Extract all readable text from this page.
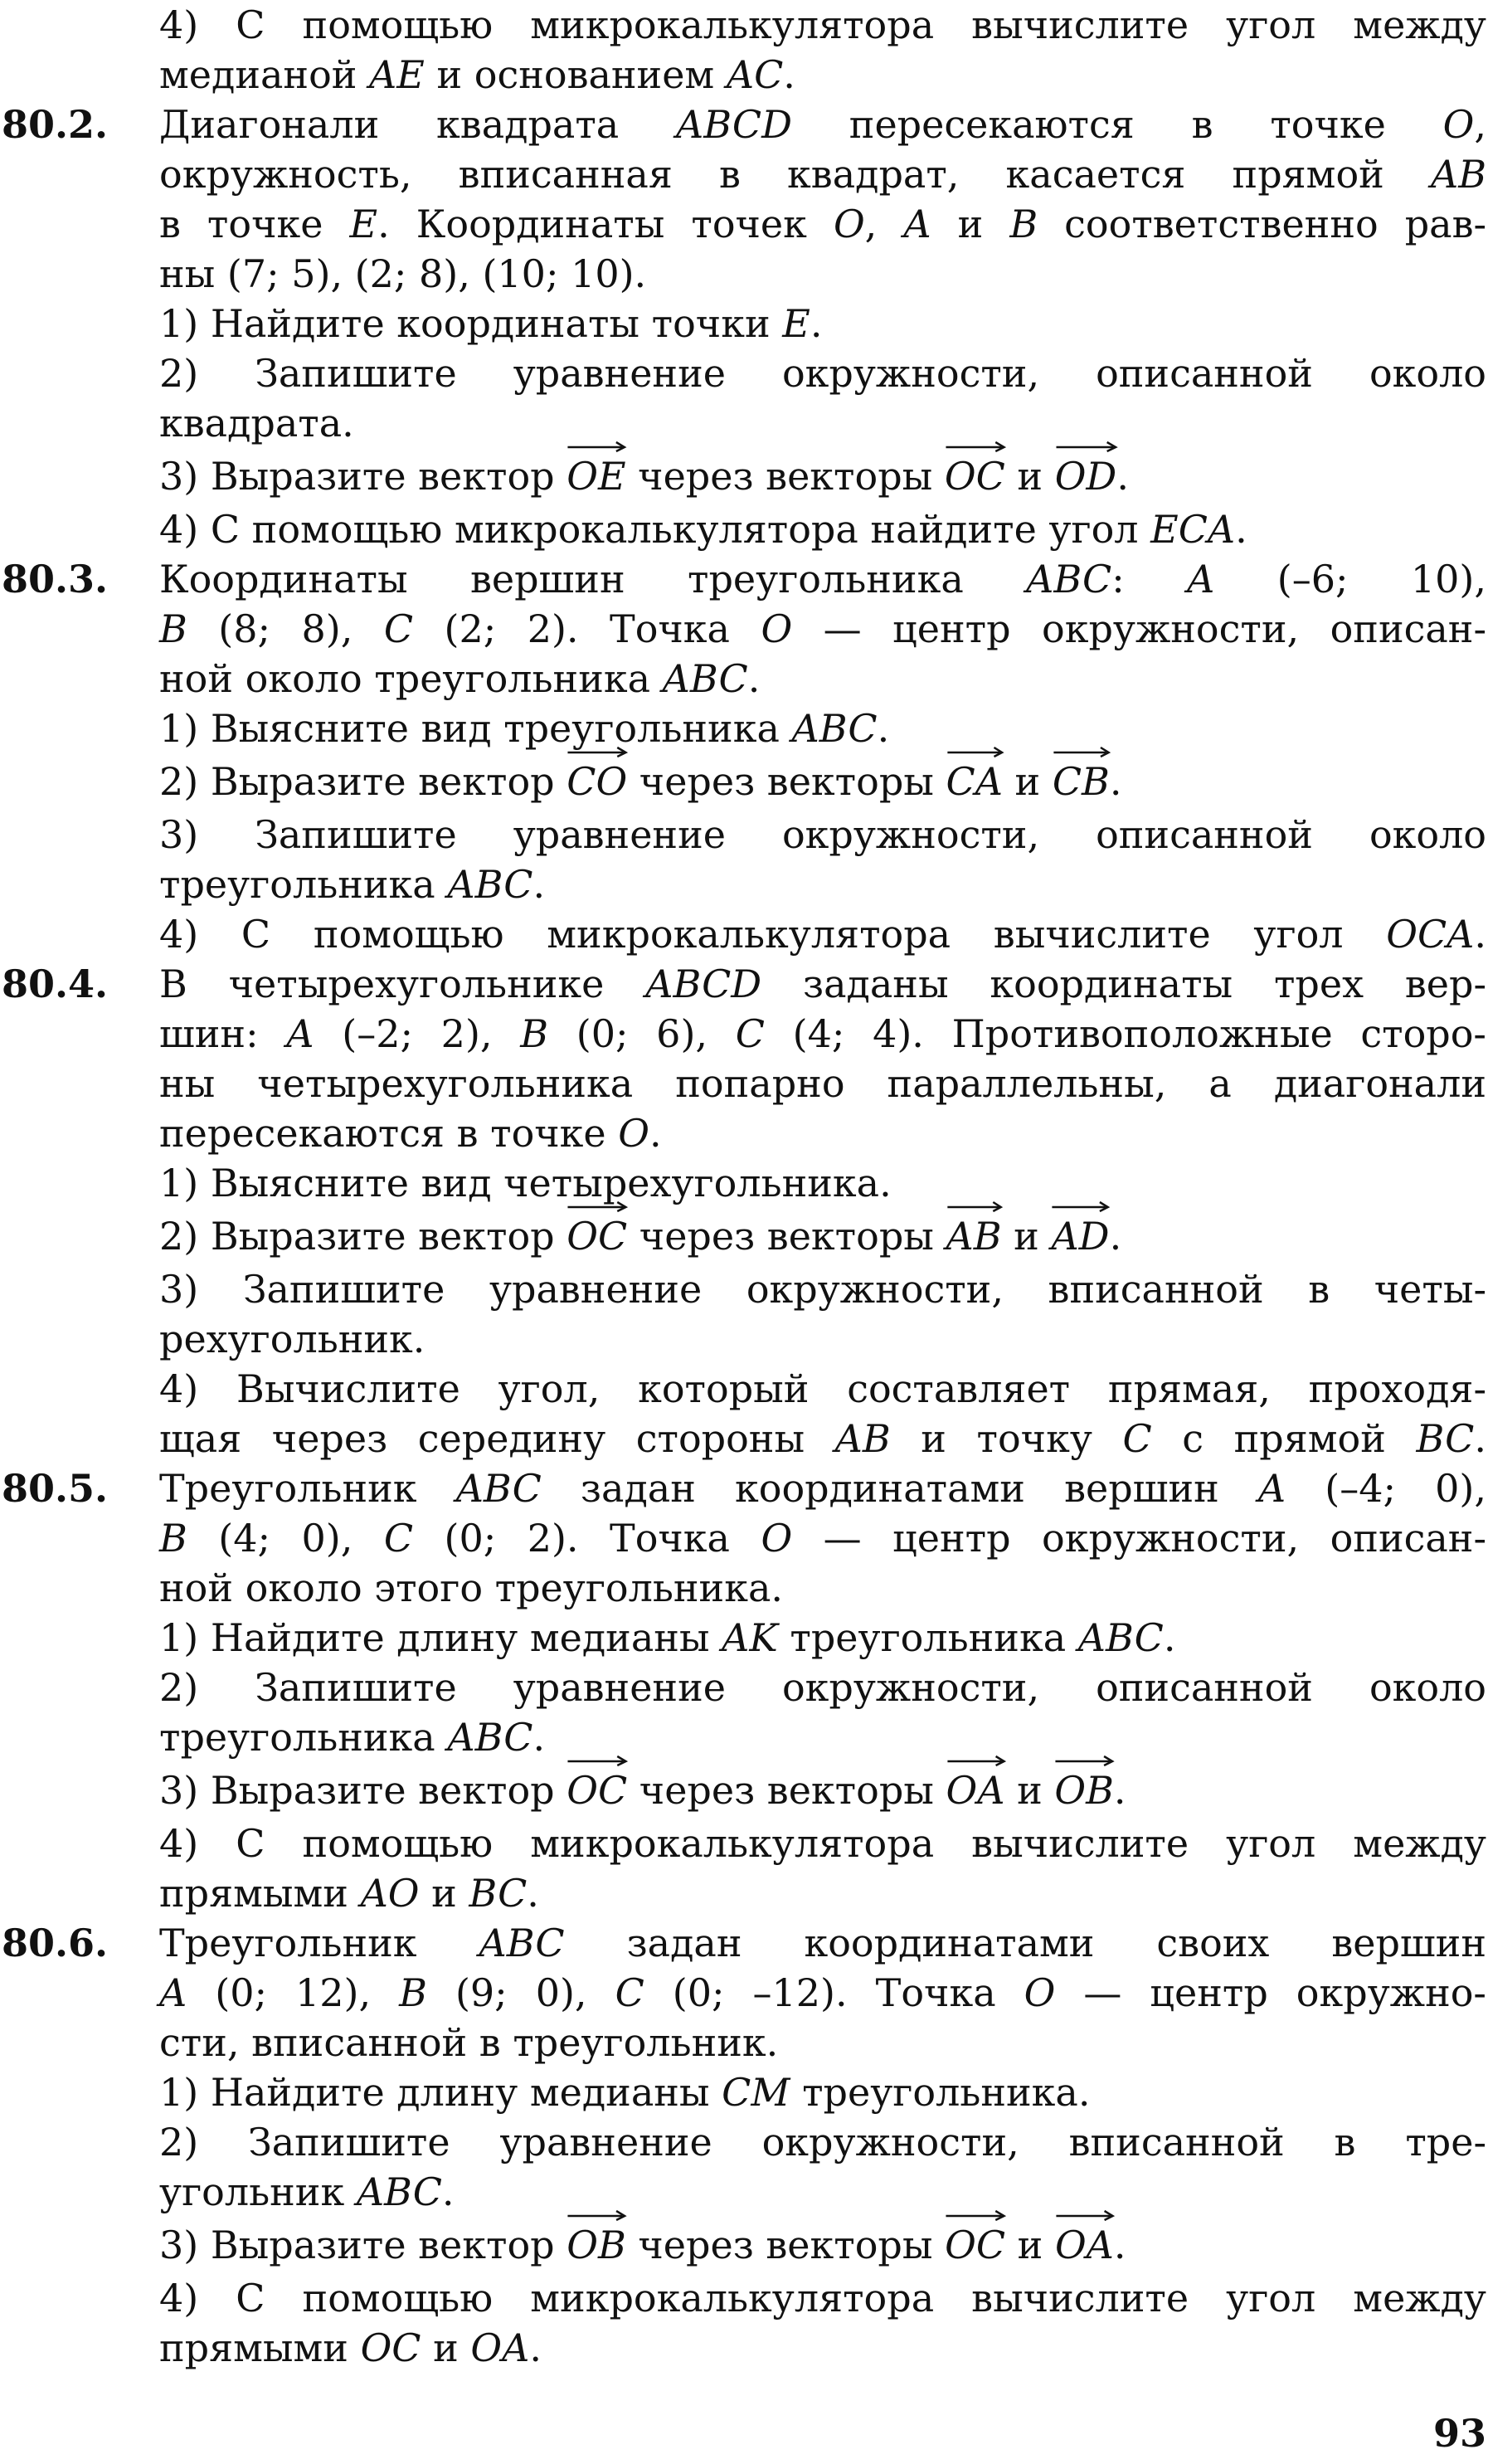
4) С помощью микрокалькулятора вычислите угол между
медианой AE и основанием AC.
80.2.	Диагонали квадрата ABCD пересекаются в точке O,
окружность, вписанная в квадрат, касается прямой AB
в точке E. Координаты точек O, A и B соответственно рав-
ны (7; 5), (2; 8), (10; 10).
1) Найдите координаты точки E.
2) Запишите уравнение окружности, описанной около
квадрата.
3) Выразите вектор
OE через векторы
OC и
OD.
4) С помощью микрокалькулятора найдите угол ECA.
80.3.	Координаты вершин треугольника ABC: A (–6; 10),
B (8; 8), C (2; 2). Точка O — центр окружности, описан-
ной около треугольника ABC.
1) Выясните вид треугольника ABC.
2) Выразите вектор
CO через векторы
CA и
CB.
3) Запишите уравнение окружности, описанной около
треугольника ABC.
4) С помощью микрокалькулятора вычислите угол OCA.
80.4.	В четырехугольнике ABCD заданы координаты трех вер-
шин: A (–2; 2), B (0; 6), C (4; 4). Противоположные сторо-
ны четырехугольника попарно параллельны, а диагонали
пересекаются в точке O.
1) Выясните вид четырехугольника.
2) Выразите вектор
OC через векторы
AB и
AD.
3) Запишите уравнение окружности, вписанной в четы-
рехугольник.
4) Вычислите угол, который составляет прямая, проходя-
щая через середину стороны AB и точку C с прямой BC.
80.5.	Треугольник ABC задан координатами вершин A (–4; 0),
B (4; 0), C (0; 2). Точка O — центр окружности, описан-
ной около этого треугольника.
1) Найдите длину медианы AK треугольника ABC.
2) Запишите уравнение окружности, описанной около
треугольника ABC.
3) Выразите вектор
OC через векторы
OA и
OB.
4) С помощью микрокалькулятора вычислите угол между
прямыми AO и BC.
80.6.	Треугольник ABC задан координатами своих вершин
A (0; 12), B (9; 0), C (0; –12). Точка O — центр окружно-
сти, вписанной в треугольник.
1) Найдите длину медианы CM треугольника.
2) Запишите уравнение окружности, вписанной в тре-
угольник ABC.
3) Выразите вектор
OB через векторы
OC и
OA.
4) С помощью микрокалькулятора вычислите угол между
прямыми OC и OA.
93
